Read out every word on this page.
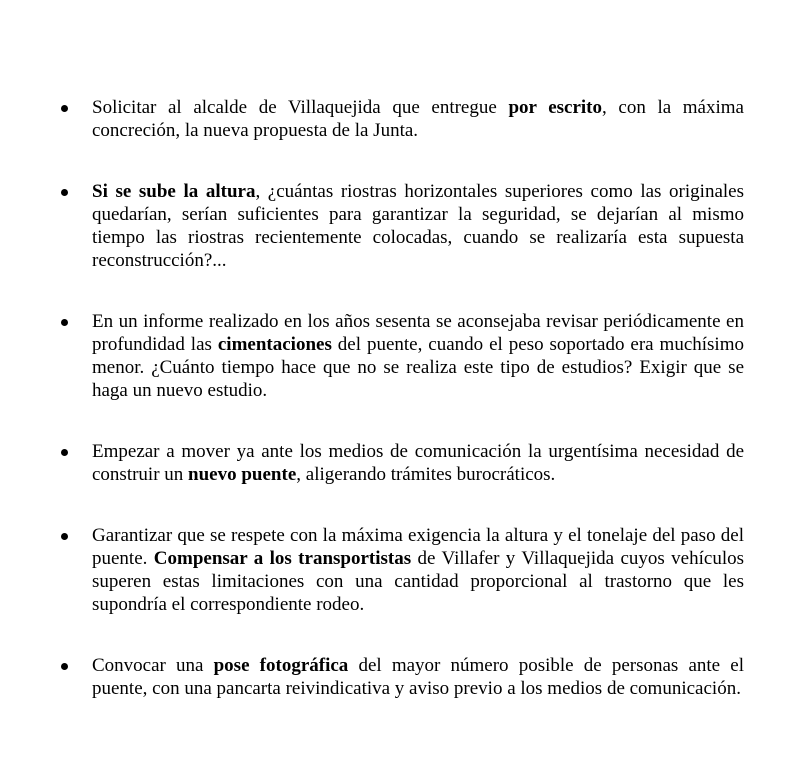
Solicitar al alcalde de Villaquejida que entregue por escrito, con la máxima concreción, la nueva propuesta de la Junta.
Si se sube la altura, ¿cuántas riostras horizontales superiores como las originales quedarían, serían suficientes para garantizar la seguridad, se dejarían al mismo tiempo las riostras recientemente colocadas, cuando se realizaría esta supuesta reconstrucción?...
En un informe realizado en los años sesenta se aconsejaba revisar periódicamente en profundidad las cimentaciones del puente, cuando el peso soportado era muchísimo menor. ¿Cuánto tiempo hace que no se realiza este tipo de estudios? Exigir que se haga un nuevo estudio.
Empezar a mover ya ante los medios de comunicación la urgentísima necesidad de construir un nuevo puente, aligerando trámites burocráticos.
Garantizar que se respete con la máxima exigencia la altura y el tonelaje del paso del puente. Compensar a los transportistas de Villafer y Villaquejida cuyos vehículos superen estas limitaciones con una cantidad proporcional al trastorno que les supondría el correspondiente rodeo.
Convocar una pose fotográfica del mayor número posible de personas ante el puente, con una pancarta reivindicativa y aviso previo a los medios de comunicación.
